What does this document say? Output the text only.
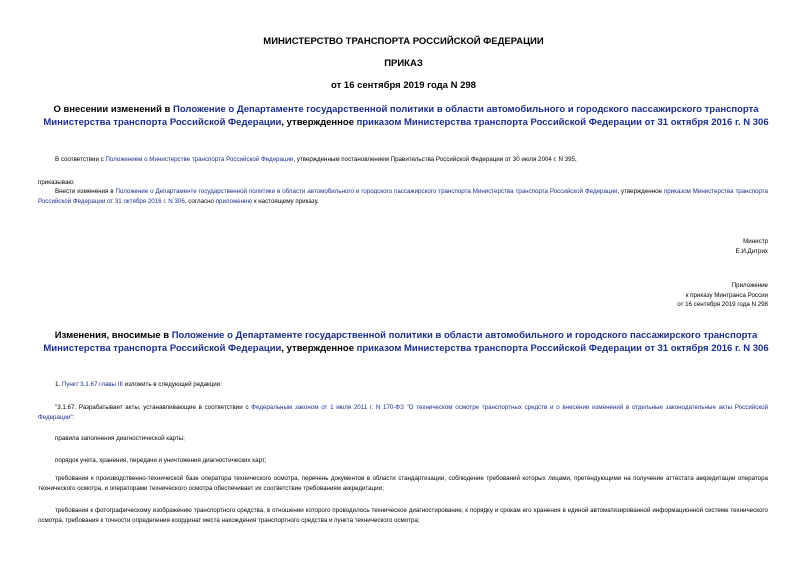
МИНИСТЕРСТВО ТРАНСПОРТА РОССИЙСКОЙ ФЕДЕРАЦИИ
ПРИКАЗ
от 16 сентября 2019 года N 298
О внесении изменений в Положение о Департаменте государственной политики в области автомобильного и городского пассажирского транспорта Министерства транспорта Российской Федерации, утвержденное приказом Министерства транспорта Российской Федерации от 31 октября 2016 г. N 306
В соответствии с Положением о Министерстве транспорта Российской Федерации, утвержденным постановлением Правительства Российской Федерации от 30 июля 2004 г. N 395,
приказываю:
Внести изменения в Положение о Департаменте государственной политики в области автомобильного и городского пассажирского транспорта Министерства транспорта Российской Федерации, утвержденное приказом Министерства транспорта Российской Федерации от 31 октября 2016 г. N 306, согласно приложению к настоящему приказу.
Министр
Е.И.Дитрих
Приложение
к приказу Минтранса России
от 16 сентября 2019 года N 298
Изменения, вносимые в Положение о Департаменте государственной политики в области автомобильного и городского пассажирского транспорта Министерства транспорта Российской Федерации, утвержденное приказом Министерства транспорта Российской Федерации от 31 октября 2016 г. N 306
1. Пункт 3.1.67 главы III изложить в следующей редакции:
"3.1.67. Разрабатывает акты, устанавливающие в соответствии с Федеральным законом от 1 июля 2011 г. N 170-ФЗ "О техническом осмотре транспортных средств и о внесении изменений в отдельные законодательные акты Российской Федерации":
правила заполнения диагностической карты;
порядок учета, хранения, передачи и уничтожения диагностических карт;
требования к производственно-технической базе оператора технического осмотра, перечень документов в области стандартизации, соблюдение требований которых лицами, претендующими на получение аттестата аккредитации оператора технического осмотра, и операторами технического осмотра обеспечивает их соответствие требованиям аккредитации;
требования к фотографическому изображению транспортного средства, в отношении которого проводилось техническое диагностирование, к порядку и срокам его хранения в единой автоматизированной информационной системе технического осмотра, требования к точности определения координат места нахождения транспортного средства и пункта технического осмотра;
